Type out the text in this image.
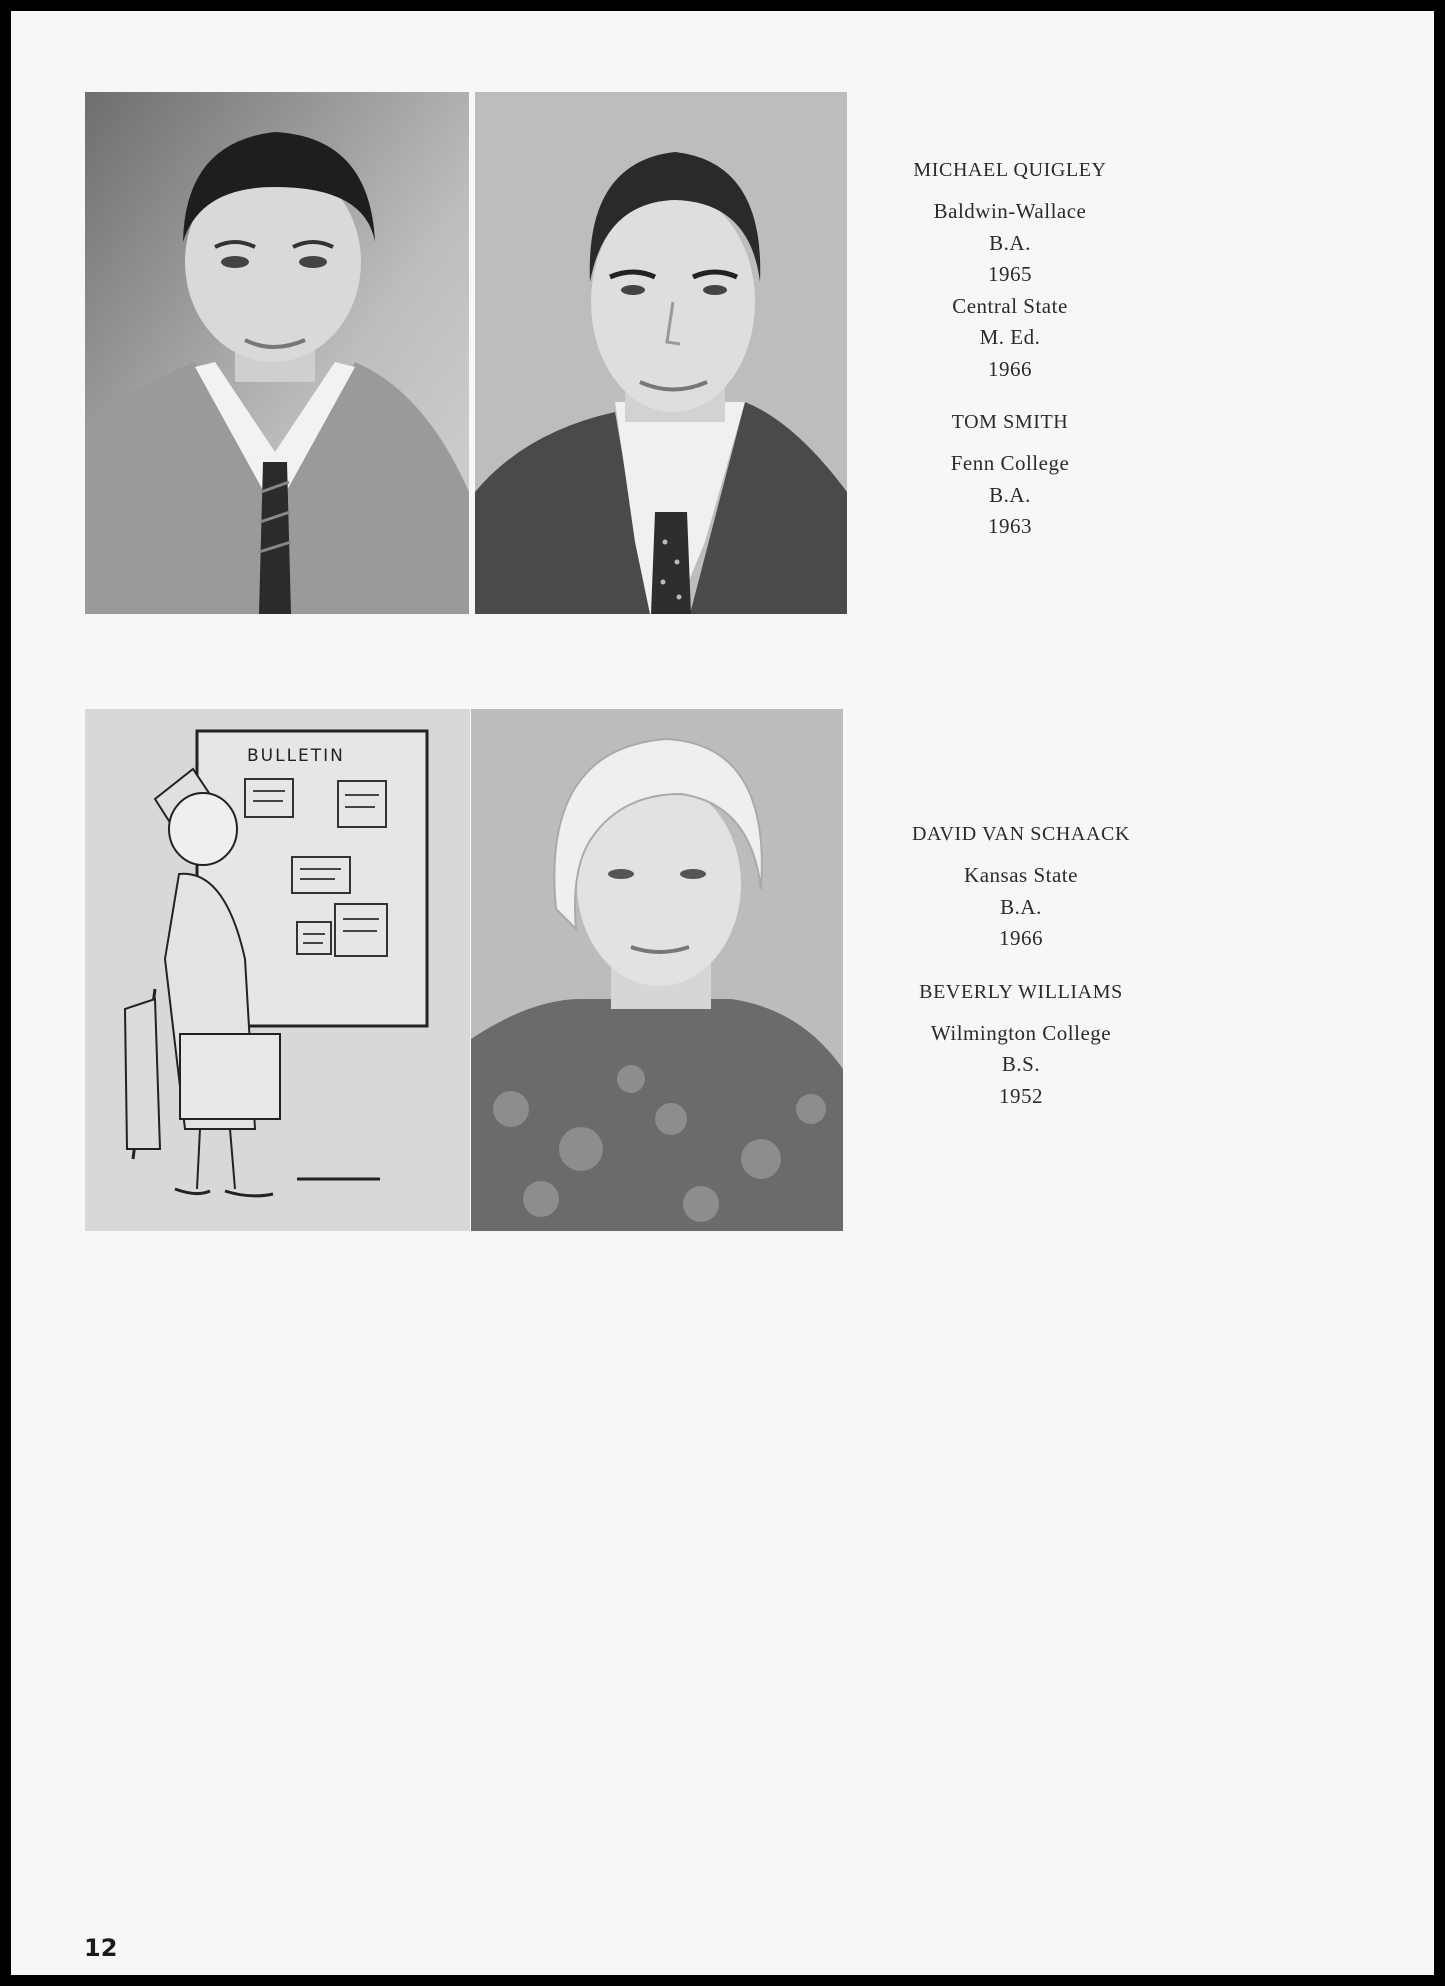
MICHAEL QUIGLEY
Baldwin-Wallace
B.A.
1965
Central State
M. Ed.
1966
TOM SMITH
Fenn College
B.A.
1963
BULLETIN
DAVID VAN SCHAACK
Kansas State
B.A.
1966
BEVERLY WILLIAMS
Wilmington College
B.S.
1952
12
